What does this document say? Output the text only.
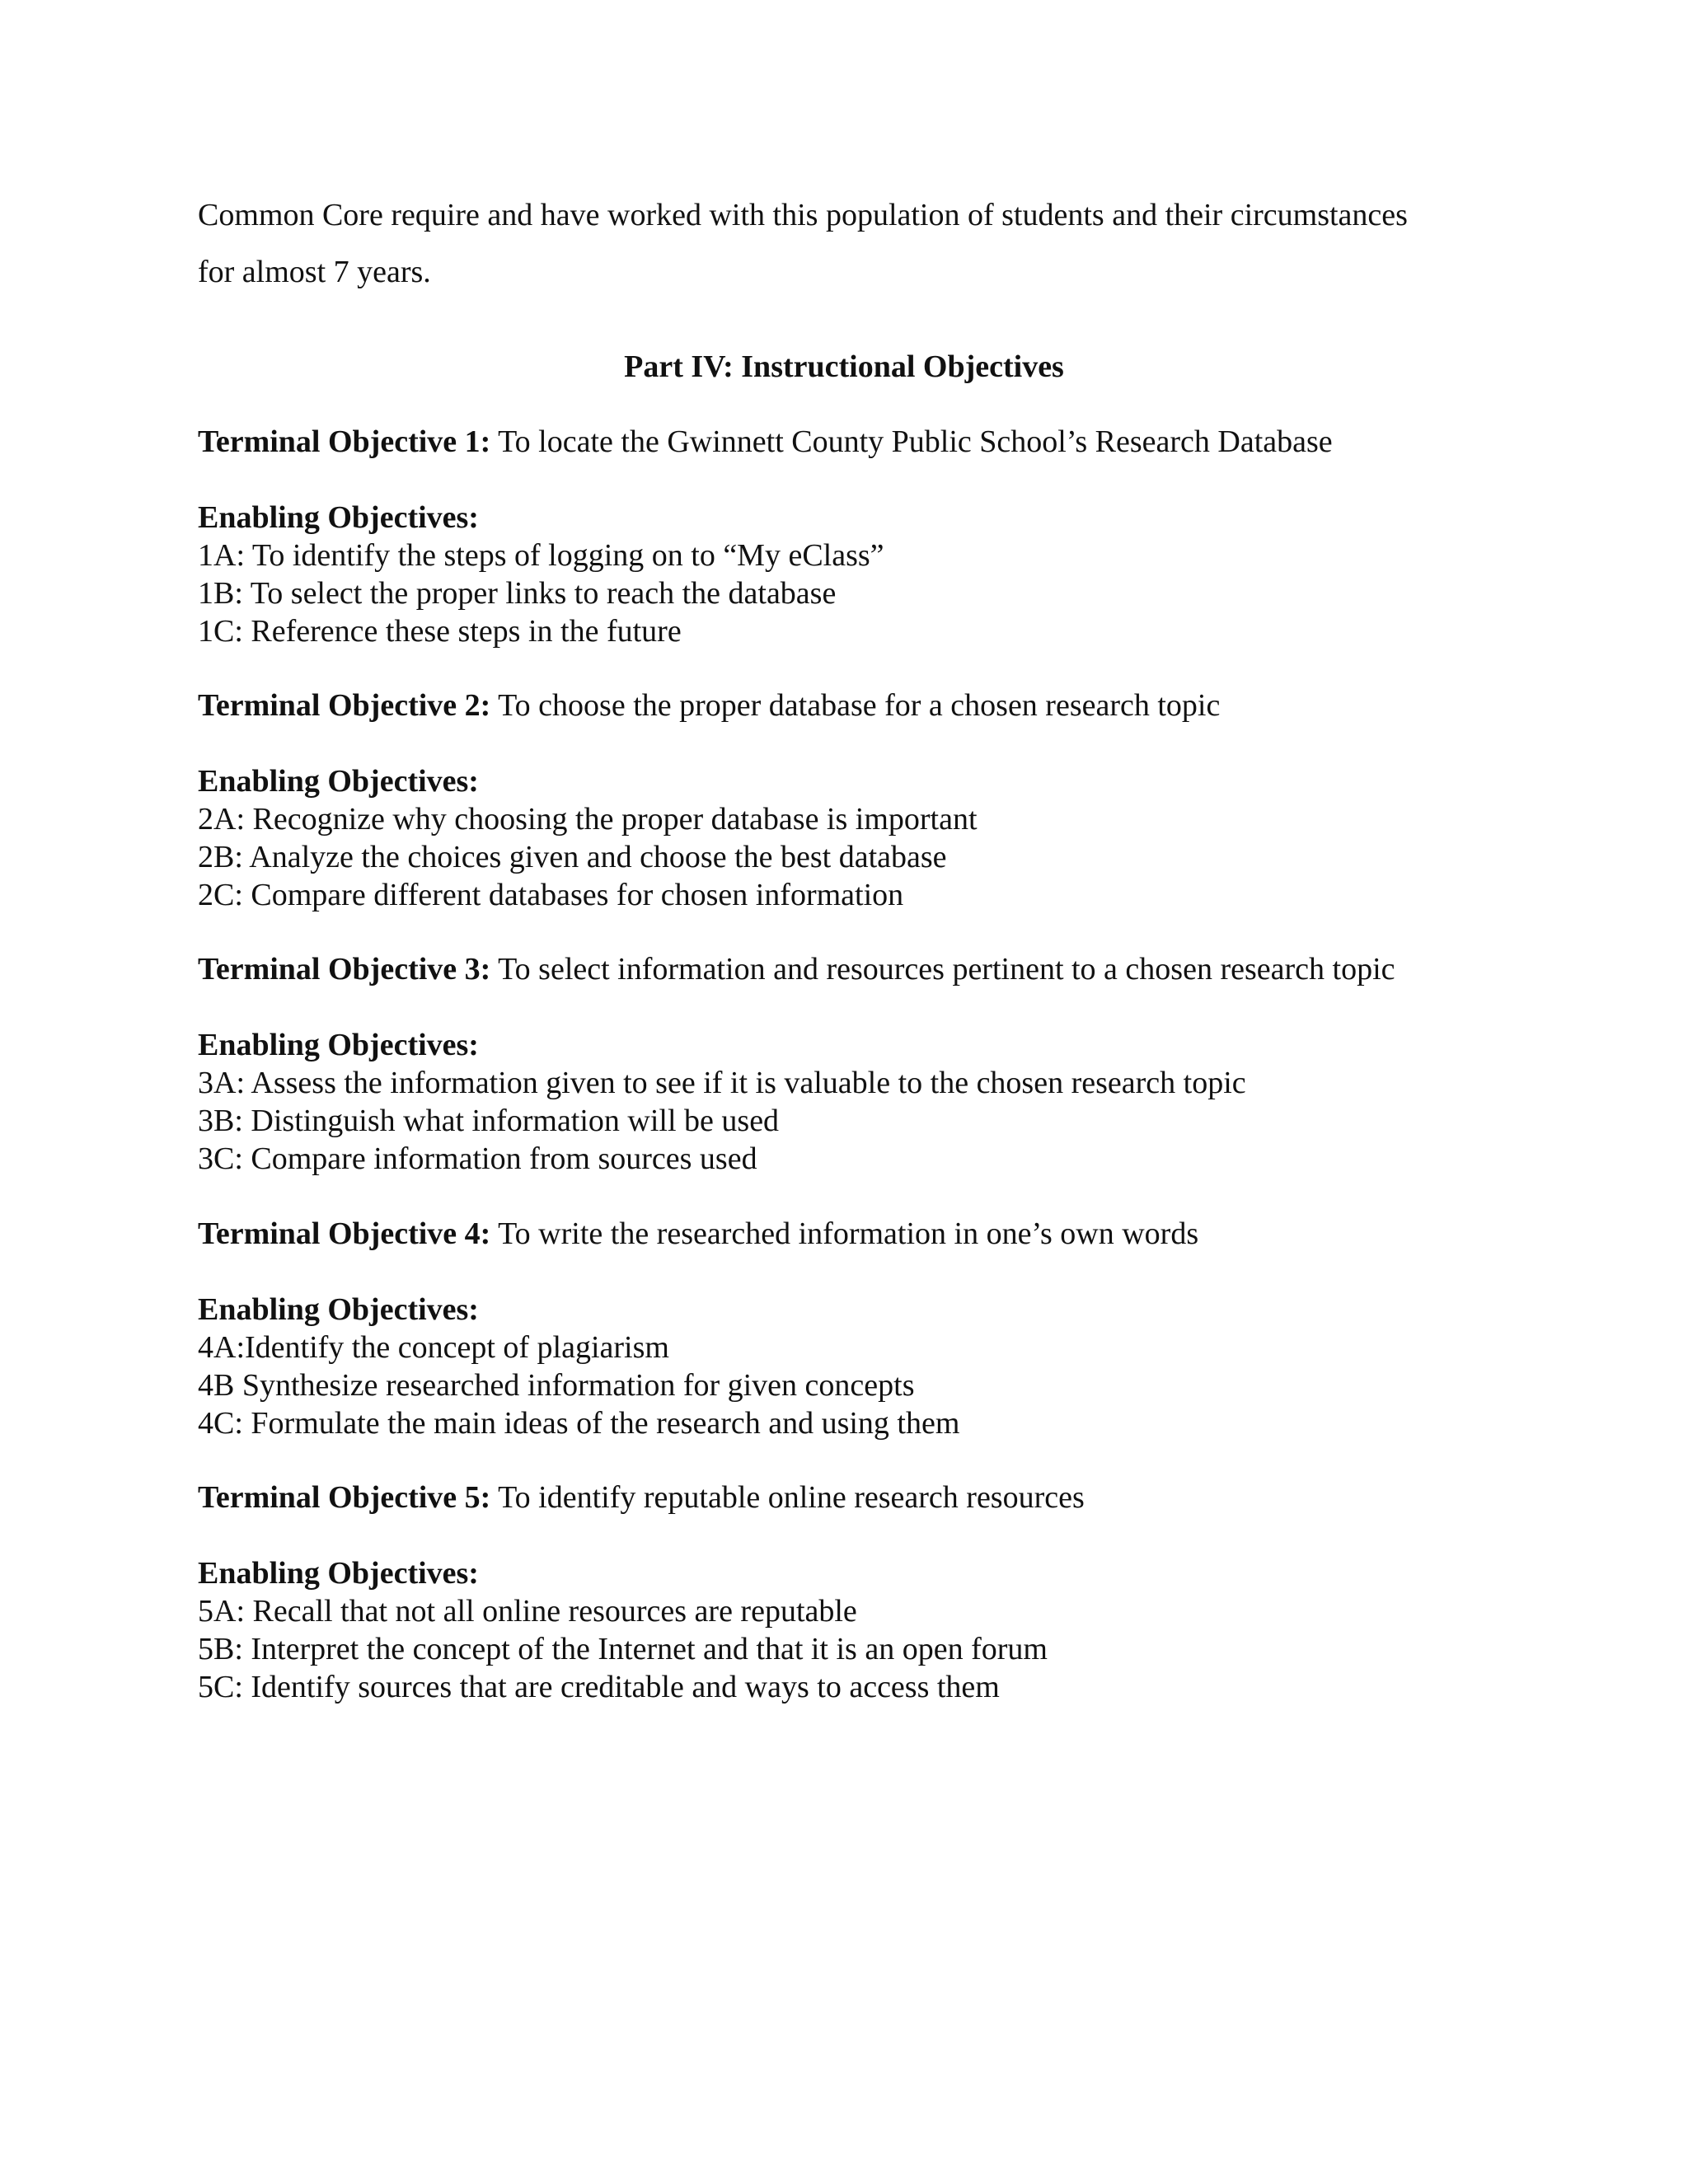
Common Core require and have worked with this population of students and their circumstances
for almost 7 years.
Part IV: Instructional Objectives
Terminal Objective 1: To locate the Gwinnett County Public School’s Research Database
Enabling Objectives:
1A: To identify the steps of logging on to “My eClass”
1B: To select the proper links to reach the database
1C: Reference these steps in the future
Terminal Objective 2: To choose the proper database for a chosen research topic
Enabling Objectives:
2A: Recognize why choosing the proper database is important
2B: Analyze the choices given and choose the best database
2C: Compare different databases for chosen information
Terminal Objective 3: To select information and resources pertinent to a chosen research topic
Enabling Objectives:
3A: Assess the information given to see if it is valuable to the chosen research topic
3B: Distinguish what information will be used
3C: Compare information from sources used
Terminal Objective 4: To write the researched information in one’s own words
Enabling Objectives:
4A:Identify the concept of plagiarism
4B Synthesize researched information for given concepts
4C: Formulate the main ideas of the research and using them
Terminal Objective 5: To identify reputable online research resources
Enabling Objectives:
5A: Recall that not all online resources are reputable
5B: Interpret the concept of the Internet and that it is an open forum
5C: Identify sources that are creditable and ways to access them
